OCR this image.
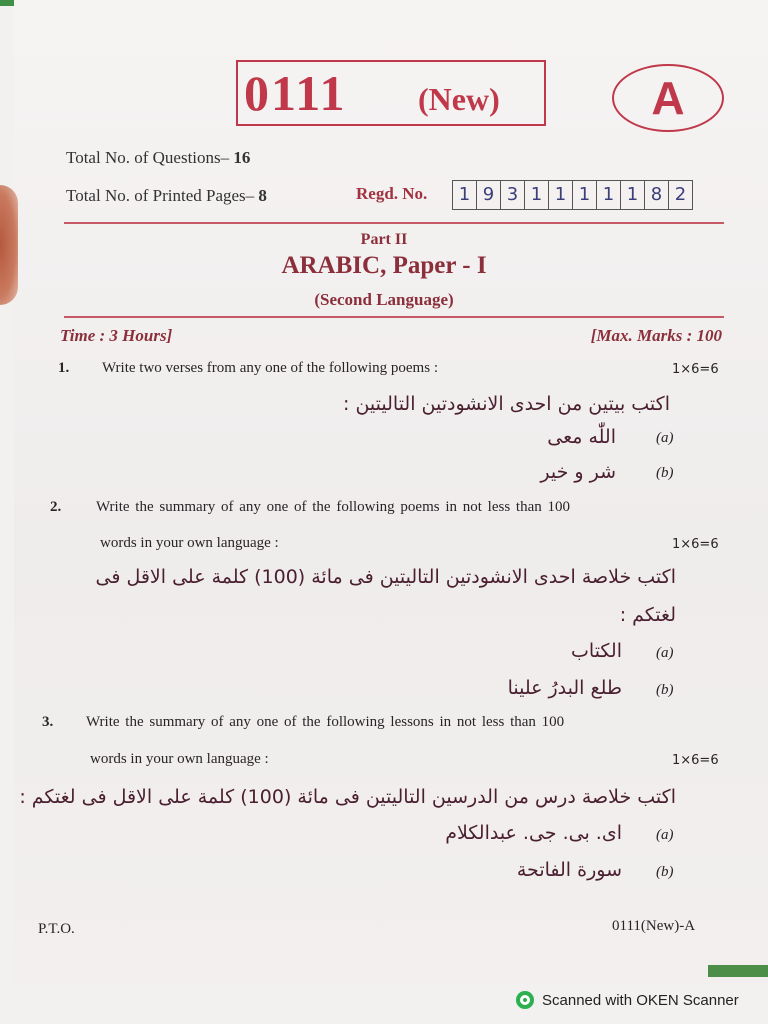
0111 (New)	A
Total No. of Questions– 16
Total No. of Printed Pages– 8	Regd. No.	1 9 3 1 1 1 1 1 8 2
Part II
ARABIC, Paper - I
(Second Language)
Time : 3 Hours]	[Max. Marks : 100
1. Write two verses from any one of the following poems :	1×6=6
اكتب بيتين من احدى الانشودتين التاليتين :
(a)
اللّٰه معى
(b)
شر و خير
2. Write the summary of any one of the following poems in not less than 100
words in your own language :	1×6=6
اكتب خلاصة احدى الانشودتين التاليتين فى مائة (100) كلمة على الاقل فى
لغتكم :
(a)
الكتاب
(b)
طلع البدرُ علينا
3. Write the summary of any one of the following lessons in not less than 100
words in your own language :	1×6=6
اكتب خلاصة درس من الدرسين التاليتين فى مائة (100) كلمة على الاقل فى لغتكم :
(a)
اى. بى. جى. عبدالكلام
(b)
سورة الفاتحة
P.T.O.	0111(New)-A
Scanned with OKEN Scanner
